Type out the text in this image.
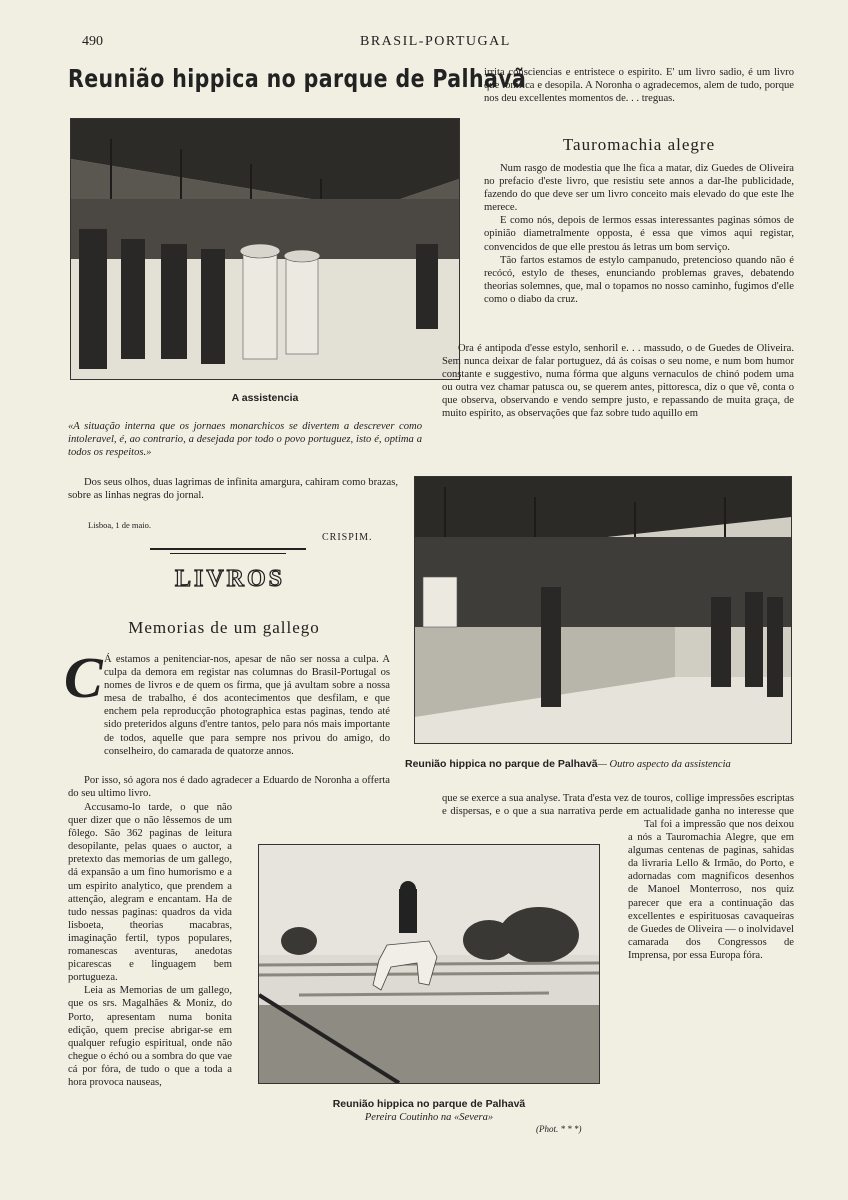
490	BRASIL-PORTUGAL
Reunião hippica no parque de Palhavã
A assistencia
«A situação interna que os jornaes monarchicos se divertem a descrever como intoleravel, é, ao contrario, a desejada por todo o povo portuguez, isto é, optima a todos os respeitos.»

Dos seus olhos, duas lagrimas de infinita amargura, cahiram como brazas, sobre as linhas negras do jornal.

Lisboa, 1 de maio.
CRISPIM.
LIVROS
Memorias de um gallego
C Á estamos a penitenciar-nos, apesar de não ser nossa a culpa. A culpa da demora em registar nas columnas do Brasil-Portugal os nomes de livros e de quem os firma, que já avultam sobre a nossa mesa de trabalho, é dos acontecimentos que desfilam, e que enchem pela reproducção photographica estas paginas, tendo até sido preteridos alguns d'entre tantos, pelo para nós mais importante de todos, aquelle que para sempre nos privou do amigo, do conselheiro, do camarada de quatorze annos.

Por isso, só agora nos é dado agradecer a Eduardo de Noronha a offerta do seu ultimo livro.

Accusamo-lo tarde, o que não quer dizer que o não lêssemos de um fôlego. São 362 paginas de leitura desopilante, pelas quaes o auctor, a pretexto das memorias de um gallego, dá expansão a um fino humorismo e a um espirito analytico, que prendem a attenção, alegram e encantam. Ha de tudo nessas paginas: quadros da vida lisboeta, theorias macabras, imaginação fertil, typos populares, romanescas aventuras, anedotas picarescas e linguagem bem portugueza.

Leia as Memorias de um gallego, que os srs. Magalhães & Moniz, do Porto, apresentam numa bonita edição, quem precise abrigar-se em qualquer refugio espiritual, onde não chegue o échó ou a sombra do que vae cá por fóra, de tudo o que a toda a hora provoca nauseas,

irrita consciencias e entristece o espirito. E' um livro sadio, é um livro que tonifica e desopila. A Noronha o agradecemos, alem de tudo, porque nos deu excellentes momentos de. . . treguas.

Tauromachia alegre

Num rasgo de modestia que lhe fica a matar, diz Guedes de Oliveira no prefacio d'este livro, que resistiu sete annos a dar-lhe publicidade, fazendo do que deve ser um livro conceito mais elevado do que este lhe merece.

E como nós, depois de lermos essas interessantes paginas sómos de opinião diametralmente opposta, é essa que vimos aqui registar, convencidos de que elle prestou ás letras um bom serviço.

Tão fartos estamos de estylo campanudo, pretencioso quando não é recócó, estylo de theses, enunciando problemas graves, debatendo theorias solemnes, que, mal o topamos no nosso caminho, fugimos d'elle como o diabo da cruz.

Ora é antipoda d'esse estylo, senhoril e. . . massudo, o de Guedes de Oliveira. Sem nunca deixar de falar portuguez, dá ás coisas o seu nome, e num bom humor constante e suggestivo, numa fórma que alguns vernaculos de chinó podem uma ou outra vez chamar patusca ou, se querem antes, pittoresca, diz o que vê, conta o que observa, observando e vendo sempre justo, e repassando de muita graça, de muito espirito, as observações que faz sobre tudo aquillo em

Reunião hippica no parque de Palhavã— Outro aspecto da assistencia

que se exerce a sua analyse. Trata d'esta vez de touros, collige impressões escriptas e dispersas, e o que a sua narrativa perde em actualidade ganha no interesse que

Tal foi a impressão que nos deixou a nós a Tauromachia Alegre, que em algumas centenas de paginas, sahidas da livraria Lello & Irmão, do Porto, e adornadas com magnificos desenhos de Manoel Monterroso, nos quiz parecer que era a continuação das excellentes e espirituosas cavaqueiras de Guedes de Oliveira — o inolvidavel camarada dos Congressos de Imprensa, por essa Europa fóra.

Reunião hippica no parque de Palhavã
Pereira Coutinho na «Severa»
(Phot. * * *)
